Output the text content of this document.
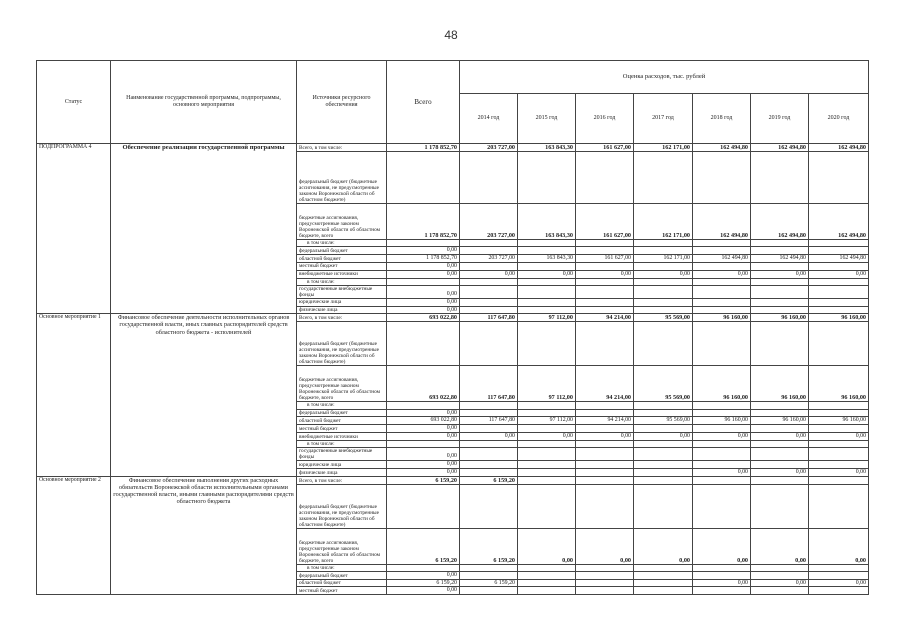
48
Статус	Наименование государственной программы, подпрограммы, основного мероприятия	Источники ресурсного обеспечения	Всего	Оценка расходов, тыс. рублей						
				2014 год	2015 год	2016 год	2017 год	2018 год	2019 год	2020 год
ПОДПРОГРАММА 4	Обеспечение реализации государственной программы	Всего, в том числе:	1 178 852,70	203 727,00	163 843,30	161 627,00	162 171,00	162 494,80	162 494,80	162 494,80
		федеральный бюджет (бюджетные ассигнования, не предусмотренные законом Воронежской области об областном бюджете)								
		бюджетные ассигнования, предусмотренные законом Воронежской области об областном бюджете, всего	1 178 852,70	203 727,00	163 843,30	161 627,00	162 171,00	162 494,80	162 494,80	162 494,80
		в том числе:								
		федеральный бюджет	0,00							
		областной бюджет	1 178 852,70	203 727,00	163 843,30	161 627,00	162 171,00	162 494,80	162 494,80	162 494,80
		местный бюджет	0,00							
		внебюджетные источники	0,00	0,00	0,00	0,00	0,00	0,00	0,00	0,00
		в том числе:								
		государственные внебюджетные фонды	0,00							
		юридические лица	0,00							
		физические лица	0,00							
Основное мероприятие 1	Финансовое обеспечение деятельности исполнительных органов государственной власти, иных главных распорядителей средств областного бюджета - исполнителей	Всего, в том числе:	693 022,80	117 647,80	97 112,00	94 214,00	95 569,00	96 160,00	96 160,00	96 160,00
		федеральный бюджет (бюджетные ассигнования, не предусмотренные законом Воронежской области об областном бюджете)								
		бюджетные ассигнования, предусмотренные законом Воронежской области об областном бюджете, всего	693 022,80	117 647,80	97 112,00	94 214,00	95 569,00	96 160,00	96 160,00	96 160,00
		в том числе:								
		федеральный бюджет	0,00							
		областной бюджет	693 022,80	117 647,80	97 112,00	94 214,00	95 569,00	96 160,00	96 160,00	96 160,00
		местный бюджет	0,00							
		внебюджетные источники	0,00	0,00	0,00	0,00	0,00	0,00	0,00	0,00
		в том числе:								
		государственные внебюджетные фонды	0,00							
		юридические лица	0,00							
		физические лица	0,00					0,00	0,00	0,00
Основное мероприятие 2	Финансовое обеспечение выполнения других расходных обязательств Воронежской области исполнительными органами государственной власти, иными главными распорядителями средств областного бюджета	Всего, в том числе:	6 159,20	6 159,20						
		федеральный бюджет (бюджетные ассигнования, не предусмотренные законом Воронежской области об областном бюджете)								
		бюджетные ассигнования, предусмотренные законом Воронежской области об областном бюджете, всего	6 159,20	6 159,20	0,00	0,00	0,00	0,00	0,00	0,00
		в том числе:								
		федеральный бюджет	0,00							
		областной бюджет	6 159,20	6 159,20				0,00	0,00	0,00
		местный бюджет	0,00							
